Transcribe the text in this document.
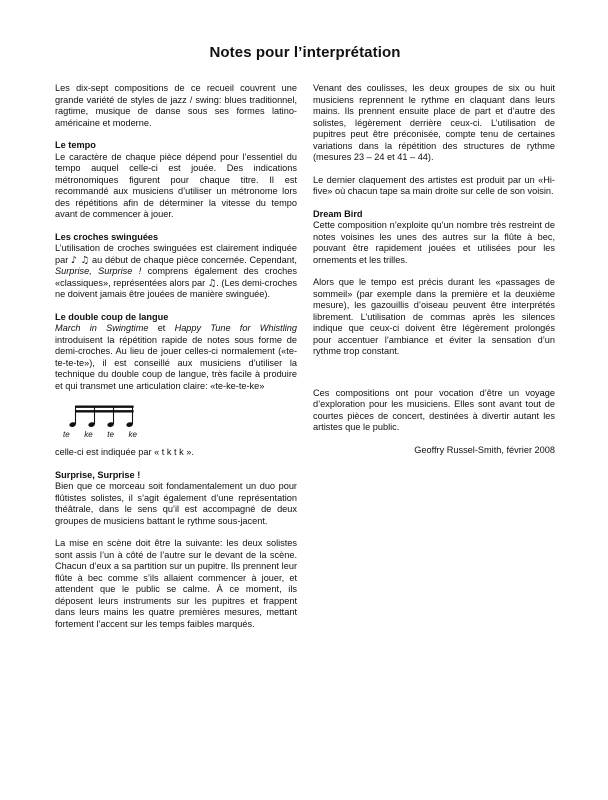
Notes pour l’interprétation

Les dix-sept compositions de ce recueil couvrent une grande variété de styles de jazz / swing: blues traditionnel, ragtime, musique de danse sous ses formes latino-américaine et moderne.

Le tempo

Le caractère de chaque pièce dépend pour l’essentiel du tempo auquel celle-ci est jouée. Des indications métronomiques figurent pour chaque titre. Il est recommandé aux musiciens d’utiliser un métronome lors des répétitions afin de déterminer la vitesse du tempo avant de commencer à jouer.

Les croches swinguées

L’utilisation de croches swinguées est clairement indiquée par ♪ ♫ au début de chaque pièce concernée. Cependant, Surprise, Surprise ! comprens également des croches «classiques», représentées alors par ♫. (Les demi-croches ne doivent jamais être jouées de manière swinguée).

Le double coup de langue

March in Swingtime et Happy Tune for Whistling introduisent la répétition rapide de notes sous forme de demi-croches. Au lieu de jouer celles-ci normalement («te-te-te-te»), il est conseillé aux musiciens d’utiliser la technique du double coup de langue, très facile à produire et qui transmet une articulation claire: «te-ke-te-ke»

te ke te ke

celle-ci est indiquée par « t k t k ».

Surprise, Surprise !

Bien que ce morceau soit fondamentalement un duo pour flûtistes solistes, il s’agit également d’une représentation théâtrale, dans le sens qu’il est accompagné de deux groupes de musiciens battant le rythme sous-jacent.

La mise en scène doit être la suivante: les deux solistes sont assis l’un à côté de l’autre sur le devant de la scène. Chacun d’eux a sa partition sur un pupitre. Ils prennent leur flûte à bec comme s’ils allaient commencer à jouer, et attendent que le public se calme. À ce moment, ils déposent leurs instruments sur les pupitres et frappent dans leurs mains les quatre premières mesures, mettant fortement l’accent sur les temps faibles marqués.

Venant des coulisses, les deux groupes de six ou huit musiciens reprennent le rythme en claquant dans leurs mains. Ils prennent ensuite place de part et d’autre des solistes, légèrement derrière ceux-ci. L’utilisation de pupitres peut être préconisée, compte tenu de certaines variations dans la répétition des structures de rythme (mesures 23 – 24 et 41 – 44).

Le dernier claquement des artistes est produit par un «Hi-five» où chacun tape sa main droite sur celle de son voisin.

Dream Bird

Cette composition n’exploite qu’un nombre très restreint de notes voisines les unes des autres sur la flûte à bec, pouvant être rapidement jouées et utilisées pour les ornements et les trilles.

Alors que le tempo est précis durant les «passages de sommeil» (par exemple dans la première et la deuxième mesure), les gazouillis d’oiseau peuvent être interprétés librement. L’utilisation de commas après les silences indique que ceux-ci doivent être légèrement prolongés pour accentuer l’ambiance et éviter la sensation d’un rythme trop constant.

Ces compositions ont pour vocation d’être un voyage d’exploration pour les musiciens. Elles sont avant tout de courtes pièces de concert, destinées à divertir autant les artistes que le public.

Geoffry Russel-Smith, février 2008
